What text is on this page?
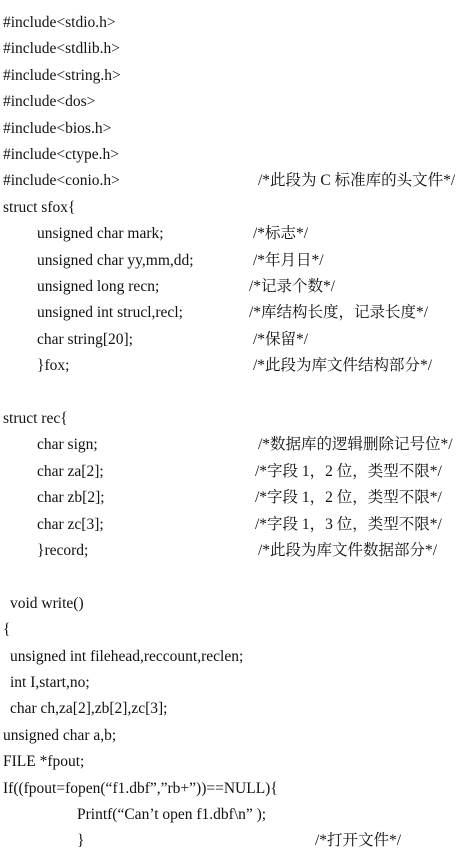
#include<stdio.h>
#include<stdlib.h>
#include<string.h>
#include<dos>
#include<bios.h>
#include<ctype.h>
#include<conio.h>	/*此段为 C 标准库的头文件*/
struct sfox{
unsigned char mark;	/*标志*/
unsigned char yy,mm,dd;	/*年月日*/
unsigned long recn;	/*记录个数*/
unsigned int strucl,recl;	/*库结构长度，记录长度*/
char string[20];	/*保留*/
}fox;	/*此段为库文件结构部分*/
struct rec{
char sign;	/*数据库的逻辑删除记号位*/
char za[2];	/*字段 1，2 位，类型不限*/
char zb[2];	/*字段 1，2 位，类型不限*/
char zc[3];	/*字段 1，3 位，类型不限*/
}record;	/*此段为库文件数据部分*/
void write()
{
unsigned int filehead,reccount,reclen;
int I,start,no;
char ch,za[2],zb[2],zc[3];
unsigned char a,b;
FILE *fpout;
If((fpout=fopen(“f1.dbf”,”rb+”))==NULL){
Printf(“Can’t open f1.dbf\n” );
}	/*打开文件*/
